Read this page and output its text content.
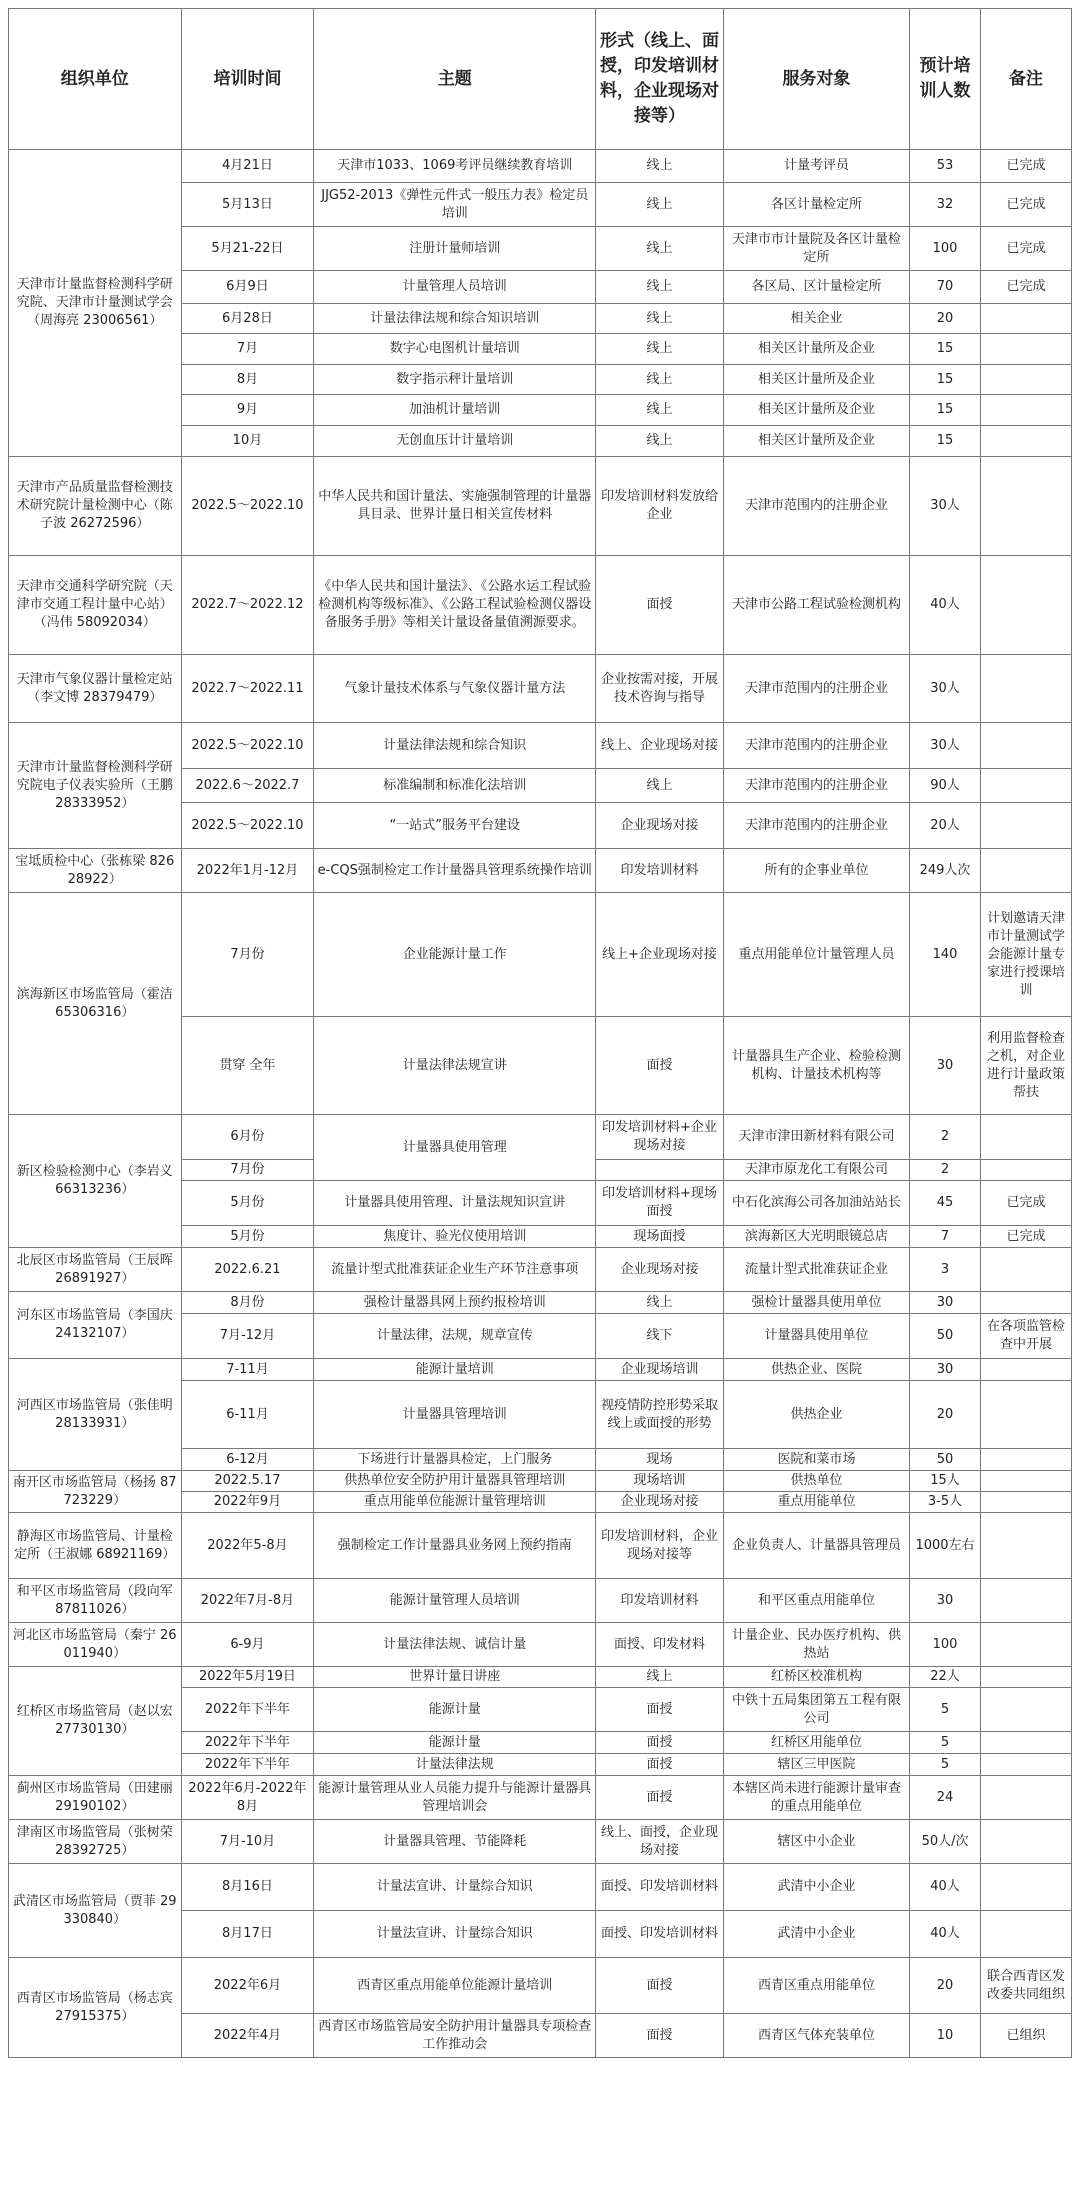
组织单位	培训时间	主题	形式（线上、面授，印发培训材料，企业现场对接等）	服务对象	预计培训人数	备注
天津市计量监督检测科学研究院、天津市计量测试学会（周海亮 23006561）	4月21日	天津市1033、1069考评员继续教育培训	线上	计量考评员	53	已完成
	5月13日	JJG52-2013《弹性元件式一般压力表》检定员培训	线上	各区计量检定所	32	已完成
	5月21-22日	注册计量师培训	线上	天津市市计量院及各区计量检定所	100	已完成
	6月9日	计量管理人员培训	线上	各区局、区计量检定所	70	已完成
	6月28日	计量法律法规和综合知识培训	线上	相关企业	20	
	7月	数字心电图机计量培训	线上	相关区计量所及企业	15	
	8月	数字指示秤计量培训	线上	相关区计量所及企业	15	
	9月	加油机计量培训	线上	相关区计量所及企业	15	
	10月	无创血压计计量培训	线上	相关区计量所及企业	15	
天津市产品质量监督检测技术研究院计量检测中心（陈子波 26272596）	2022.5～2022.10	中华人民共和国计量法、实施强制管理的计量器具目录、世界计量日相关宣传材料	印发培训材料发放给企业	天津市范围内的注册企业	30人	
天津市交通科学研究院（天津市交通工程计量中心站）（冯伟 58092034）	2022.7～2022.12	《中华人民共和国计量法》、《公路水运工程试验检测机构等级标准》、《公路工程试验检测仪器设备服务手册》等相关计量设备量值溯源要求。	面授	天津市公路工程试验检测机构	40人	
天津市气象仪器计量检定站（李文博 28379479）	2022.7～2022.11	气象计量技术体系与气象仪器计量方法	企业按需对接，开展技术咨询与指导	天津市范围内的注册企业	30人	
天津市计量监督检测科学研究院电子仪表实验所（王鹏 28333952）	2022.5～2022.10	计量法律法规和综合知识	线上、企业现场对接	天津市范围内的注册企业	30人	
	2022.6～2022.7	标准编制和标准化法培训	线上	天津市范围内的注册企业	90人	
	2022.5～2022.10	“一站式”服务平台建设	企业现场对接	天津市范围内的注册企业	20人	
宝坻质检中心（张栋梁 82628922）	2022年1月-12月	e-CQS强制检定工作计量器具管理系统操作培训	印发培训材料	所有的企事业单位	249人次	
滨海新区市场监管局（霍洁 65306316）	7月份	企业能源计量工作	线上+企业现场对接	重点用能单位计量管理人员	140	计划邀请天津市计量测试学会能源计量专家进行授课培训
	贯穿 全年	计量法律法规宣讲	面授	计量器具生产企业、检验检测机构、计量技术机构等	30	利用监督检查之机，对企业进行计量政策帮扶
新区检验检测中心（李岩义 66313236）	6月份	计量器具使用管理	印发培训材料+企业现场对接	天津市津田新材料有限公司	2	
	7月份			天津市原龙化工有限公司	2	
	5月份	计量器具使用管理、计量法规知识宣讲	印发培训材料+现场面授	中石化滨海公司各加油站站长	45	已完成
	5月份	焦度计、验光仪使用培训	现场面授	滨海新区大光明眼镜总店	7	已完成
北辰区市场监管局（王辰晖 26891927）	2022.6.21	流量计型式批准获证企业生产环节注意事项	企业现场对接	流量计型式批准获证企业	3	
河东区市场监管局（李国庆 24132107）	8月份	强检计量器具网上预约报检培训	线上	强检计量器具使用单位	30	
	7月-12月	计量法律，法规，规章宣传	线下	计量器具使用单位	50	在各项监管检查中开展
河西区市场监管局（张佳明 28133931）	7-11月	能源计量培训	企业现场培训	供热企业、医院	30	
	6-11月	计量器具管理培训	视疫情防控形势采取线上或面授的形势	供热企业	20	
	6-12月	下场进行计量器具检定，上门服务	现场	医院和菜市场	50	
南开区市场监管局（杨扬 87723229）	2022.5.17	供热单位安全防护用计量器具管理培训	现场培训	供热单位	15人	
	2022年9月	重点用能单位能源计量管理培训	企业现场对接	重点用能单位	3-5人	
静海区市场监管局、计量检定所（王淑娜 68921169）	2022年5-8月	强制检定工作计量器具业务网上预约指南	印发培训材料，企业现场对接等	企业负责人、计量器具管理员	1000左右	
和平区市场监管局（段向军 87811026）	2022年7月-8月	能源计量管理人员培训	印发培训材料	和平区重点用能单位	30	
河北区市场监管局（秦宁 26011940）	6-9月	计量法律法规、诚信计量	面授、印发材料	计量企业、民办医疗机构、供热站	100	
红桥区市场监管局（赵以宏 27730130）	2022年5月19日	世界计量日讲座	线上	红桥区校准机构	22人	
	2022年下半年	能源计量	面授	中铁十五局集团第五工程有限公司	5	
	2022年下半年	能源计量	面授	红桥区用能单位	5	
	2022年下半年	计量法律法规	面授	辖区三甲医院	5	
蓟州区市场监管局（田建丽 29190102）	2022年6月-2022年8月	能源计量管理从业人员能力提升与能源计量器具管理培训会	面授	本辖区尚未进行能源计量审查的重点用能单位	24	
津南区市场监管局（张树荣 28392725）	7月-10月	计量器具管理、节能降耗	线上、面授，企业现场对接	辖区中小企业	50人/次	
武清区市场监管局（贾菲 29330840）	8月16日	计量法宣讲、计量综合知识	面授、印发培训材料	武清中小企业	40人	
	8月17日	计量法宣讲、计量综合知识	面授、印发培训材料	武清中小企业	40人	
西青区市场监管局（杨志宾 27915375）	2022年6月	西青区重点用能单位能源计量培训	面授	西青区重点用能单位	20	联合西青区发改委共同组织
	2022年4月	西青区市场监管局安全防护用计量器具专项检查工作推动会	面授	西青区气体充装单位	10	已组织
